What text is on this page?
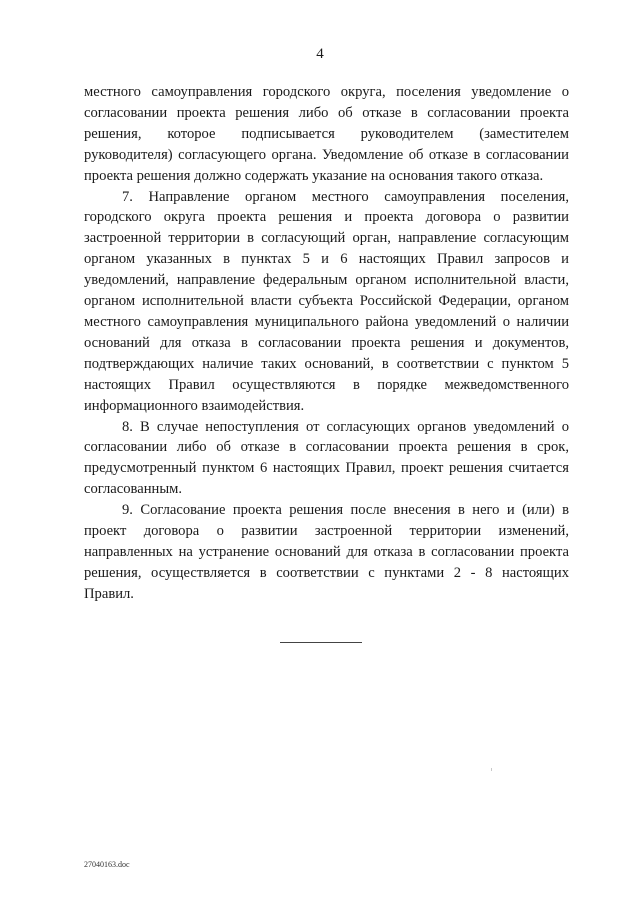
4

местного самоуправления городского округа, поселения уведомление о согласовании проекта решения либо об отказе в согласовании проекта решения, которое подписывается руководителем (заместителем руководителя) согласующего органа. Уведомление об отказе в согласовании проекта решения должно содержать указание на основания такого отказа.

7. Направление органом местного самоуправления поселения, городского округа проекта решения и проекта договора о развитии застроенной территории в согласующий орган, направление согласующим органом указанных в пунктах 5 и 6 настоящих Правил запросов и уведомлений, направление федеральным органом исполнительной власти, органом исполнительной власти субъекта Российской Федерации, органом местного самоуправления муниципального района уведомлений о наличии оснований для отказа в согласовании проекта решения и документов, подтверждающих наличие таких оснований, в соответствии с пунктом 5 настоящих Правил осуществляются в порядке межведомственного информационного взаимодействия.

8. В случае непоступления от согласующих органов уведомлений о согласовании либо об отказе в согласовании проекта решения в срок, предусмотренный пунктом 6 настоящих Правил, проект решения считается согласованным.

9. Согласование проекта решения после внесения в него и (или) в проект договора о развитии застроенной территории изменений, направленных на устранение оснований для отказа в согласовании проекта решения, осуществляется в соответствии с пунктами 2 - 8 настоящих Правил.

27040163.doc
